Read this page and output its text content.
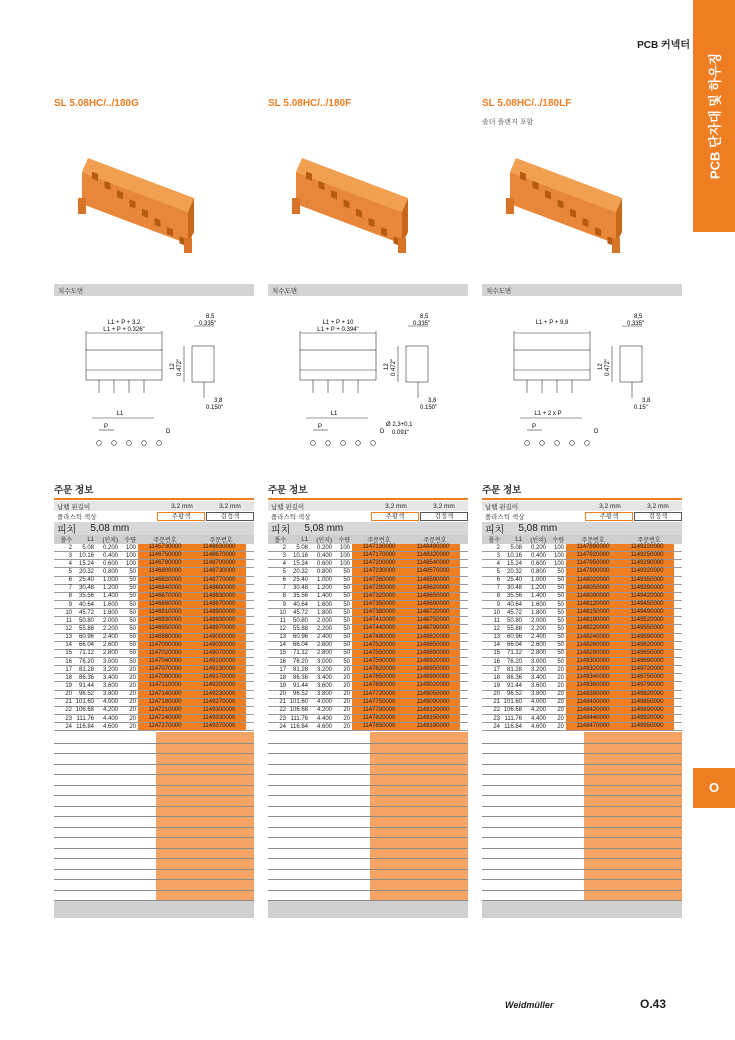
PCB 커넥터
PCB 단자대 및 하우징
O
SL 5.08HC/../180G
치수도면
L1 + P + 3,2
L1 + P + 0.326"
8,5
0.335"
12 0.472"
3,8
0.150"
L1
P
D
주문 정보
납땜 핀길이	3,2 mm	3,2 mm
플라스틱 색상	주황색	검정색
피치 5,08 mm
폴수	L1	(인치)	수량	주문번호	주문번호
2	5.08	0.200	100	1145730000	1148630000
3	10.16	0.400	100	1146750000	1148670000
4	15.24	0.600	100	1146780000	1148700000
5	20.32	0.800	50	1146800000	1148730000
6	25.40	1.000	50	1146820000	1148770000
7	30.48	1.200	50	1146840000	1148800000
8	35.56	1.400	50	1146870000	1148830000
9	40.64	1.600	50	1146890000	1148870000
10	45.72	1.800	50	1146910000	1148900000
11	50.80	2.000	50	1146930000	1148930000
12	55.88	2.200	50	1146950000	1148970000
13	60.96	2.400	50	1146980000	1149000000
14	66.04	2.600	50	1147000000	1149030000
15	71.12	2.800	50	1147020000	1149070000
16	76.20	3.000	50	1147040000	1149100000
17	81.28	3.200	20	1147070000	1149130000
18	86.36	3.400	20	1147090000	1149170000
19	91.44	3.600	20	1147110000	1149200000
20	96.52	3.800	20	1147140000	1149230000
21 101.60	4.000	20	1147180000	1149270000
22 106.68	4.200	20	1147210000	1149300000
23 111.76	4.400	20	1147240000	1149330000
24 116.84	4.600	20	1147270000	1149370000
SL 5.08HC/../180F
치수도면
L1 + P + 10
L1 + P + 0.394"
8,5
0.335"
12 0.472"
3,8
0.150"
L1
P
D
Ø 2,3+0,1
0.091"
주문 정보
납땜 핀길이	3,2 mm	3,2 mm
플라스틱 색상	주황색	검정색
피치 5,08 mm
폴수	L1	(인치)	수량	주문번호	주문번호
2	5.08	0.200	100	1147130000	1148490000
3	10.16	0.400	100	1147170000	1148320000
4	15.24	0.600	100	1147200000	1148540000
5	20.32	0.800	50	1147230000	1148570000
6	25.40	1.000	50	1147260000	1148590000
7	30.48	1.200	50	1147290000	1148620000
8	35.56	1.400	50	1147320000	1148650000
9	40.64	1.600	50	1147350000	1148690000
10	45.72	1.800	50	1147380000	1148720000
11	50.80	2.000	50	1147410000	1148750000
12	55.88	2.200	50	1147440000	1148790000
13	60.96	2.400	50	1147480000	1148820000
14	66.04	2.600	50	1147520000	1148850000
15	71.12	2.800	50	1147550000	1148890000
16	76.20	3.000	50	1147590000	1148920000
17	81.28	3.200	20	1147620000	1148950000
18	86.36	3.400	20	1147650000	1148990000
19	91.44	3.600	20	1147690000	1149020000
20	96.52	3.800	20	1147720000	1149050000
21 101.60	4.000	20	1147750000	1149090000
22 106.68	4.200	20	1147790000	1149120000
23 111.76	4.400	20	1147820000	1149150000
24 116.84	4.600	20	1147850000	1149190000
SL 5.08HC/../180LF
솔더 플랜지 포함
치수도면
L1 + P + 9,8
8,5
0.335"
12 0.472"
3,8
0.15"
L1 + 2 x P
P
D
주문 정보
납땜 핀길이	3,2 mm	3,2 mm
플라스틱 색상	주황색	검정색
피치 5,08 mm
폴수	L1	(인치)	수량	주문번호	주문번호
2	5.08	0.200	100	1147890000	1149220000
3	10.16	0.400	100	1147920000	1149250000
4	15.24	0.600	100	1147950000	1149290000
5	20.32	0.800	50	1147990000	1149320000
6	25.40	1.000	50	1148020000	1149350000
7	30.48	1.200	50	1148050000	1149390000
8	35.56	1.400	50	1148090000	1149420000
9	40.64	1.600	50	1148120000	1149450000
10	45.72	1.800	50	1148150000	1149490000
11	50.80	2.000	50	1148190000	1149520000
12	55.88	2.200	50	1148220000	1149550000
13	60.96	2.400	50	1148240000	1149590000
14	66.04	2.600	50	1148260000	1149620000
15	71.12	2.800	50	1148280000	1149650000
16	76.20	3.000	50	1148300000	1149690000
17	81.28	3.200	20	1148320000	1149720000
18	86.36	3.400	20	1148340000	1149750000
19	91.44	3.600	20	1148360000	1149790000
20	96.52	3.800	20	1148380000	1149820000
21 101.60	4.000	20	1148400000	1149850000
22 106.68	4.200	20	1148420000	1149890000
23 111.76	4.400	20	1148440000	1149920000
24 116.84	4.600	20	1148470000	1149950000
Weidmüller	O.43
